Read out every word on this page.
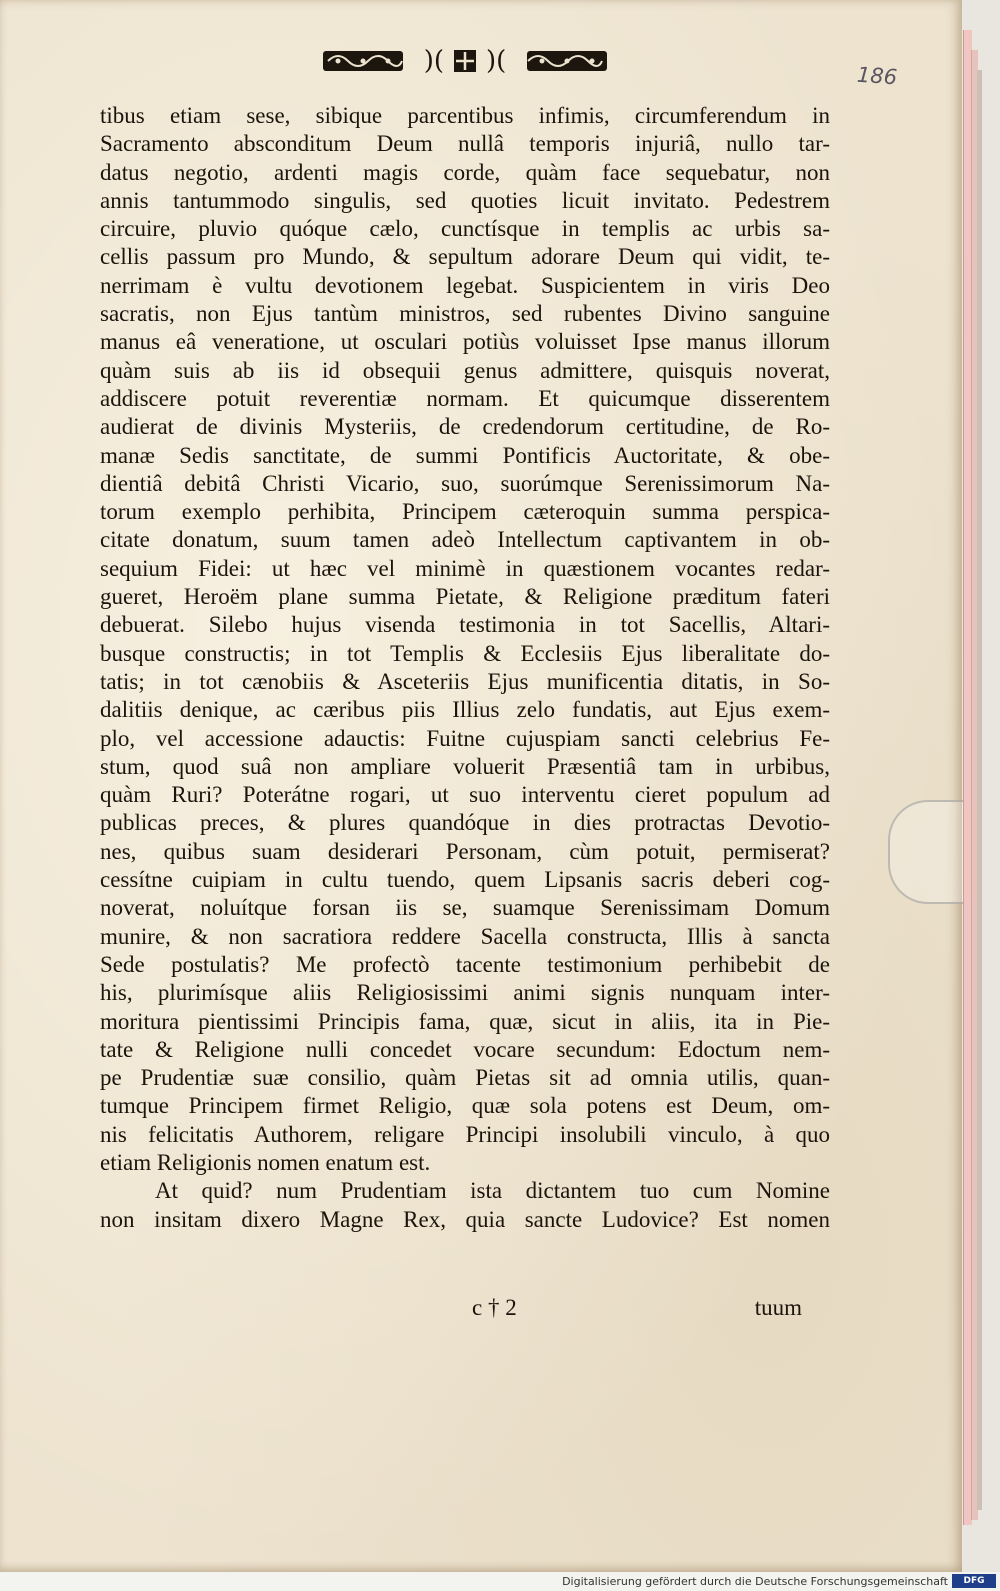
)( )(
186
tibus etiam sese, sibique parcentibus infimis, circumferendum in
Sacramento absconditum Deum nullâ temporis injuriâ, nullo tar-
datus negotio, ardenti magis corde, quàm face sequebatur, non
annis tantummodo singulis, sed quoties licuit invitato. Pedestrem
circuire, pluvio quóque cælo, cunctísque in templis ac urbis sa-
cellis passum pro Mundo, & sepultum adorare Deum qui vidit, te-
nerrimam è vultu devotionem legebat. Suspicientem in viris Deo
sacratis, non Ejus tantùm ministros, sed rubentes Divino sanguine
manus eâ veneratione, ut osculari potiùs voluisset Ipse manus illorum
quàm suis ab iis id obsequii genus admittere, quisquis noverat,
addiscere potuit reverentiæ normam. Et quicumque disserentem
audierat de divinis Mysteriis, de credendorum certitudine, de Ro-
manæ Sedis sanctitate, de summi Pontificis Auctoritate, & obe-
dientiâ debitâ Christi Vicario, suo, suorúmque Serenissimorum Na-
torum exemplo perhibita, Principem cæteroquin summa perspica-
citate donatum, suum tamen adeò Intellectum captivantem in ob-
sequium Fidei: ut hæc vel minimè in quæstionem vocantes redar-
gueret, Heroëm plane summa Pietate, & Religione præditum fateri
debuerat. Silebo hujus visenda testimonia in tot Sacellis, Altari-
busque constructis; in tot Templis & Ecclesiis Ejus liberalitate do-
tatis; in tot cænobiis & Asceteriis Ejus munificentia ditatis, in So-
dalitiis denique, ac cæribus piis Illius zelo fundatis, aut Ejus exem-
plo, vel accessione adauctis: Fuitne cujuspiam sancti celebrius Fe-
stum, quod suâ non ampliare voluerit Præsentiâ tam in urbibus,
quàm Ruri? Poterátne rogari, ut suo interventu cieret populum ad
publicas preces, & plures quandóque in dies protractas Devotio-
nes, quibus suam desiderari Personam, cùm potuit, permiserat?
cessítne cuipiam in cultu tuendo, quem Lipsanis sacris deberi cog-
noverat, noluítque forsan iis se, suamque Serenissimam Domum
munire, & non sacratiora reddere Sacella constructa, Illis à sancta
Sede postulatis? Me profectò tacente testimonium perhibebit de
his, plurimísque aliis Religiosissimi animi signis nunquam inter-
moritura pientissimi Principis fama, quæ, sicut in aliis, ita in Pie-
tate & Religione nulli concedet vocare secundum: Edoctum nem-
pe Prudentiæ suæ consilio, quàm Pietas sit ad omnia utilis, quan-
tumque Principem firmet Religio, quæ sola potens est Deum, om-
nis felicitatis Authorem, religare Principi insolubili vinculo, à quo
etiam Religionis nomen enatum est.
At quid? num Prudentiam ista dictantem tuo cum Nomine
non insitam dixero Magne Rex, quia sancte Ludovice? Est nomen
c † 2	tuum
Digitalisierung gefördert durch die Deutsche Forschungsgemeinschaft	DFG
